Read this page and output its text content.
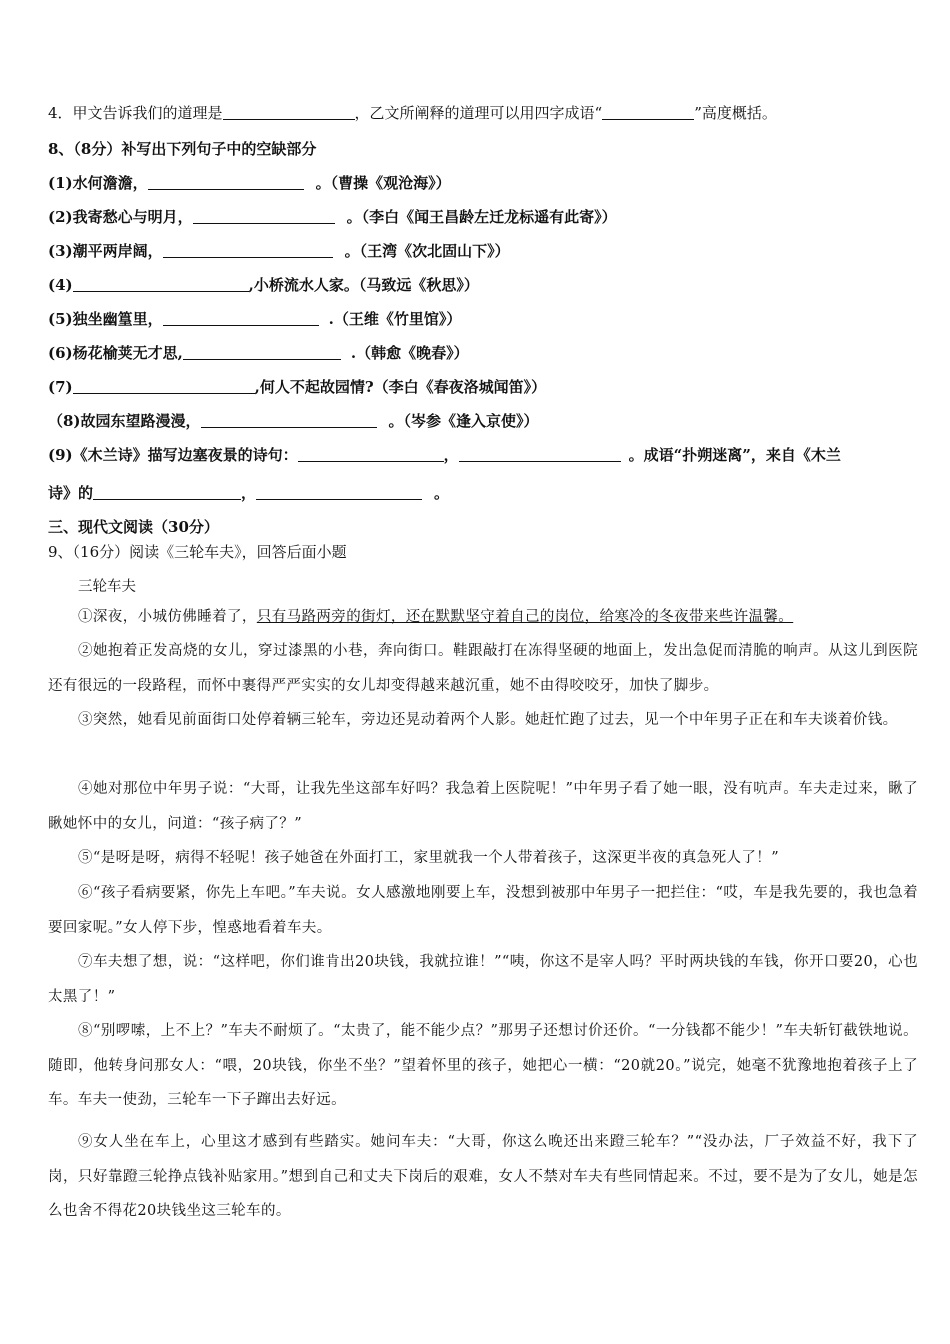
4．甲文告诉我们的道理是	，乙文所阐释的道理可以用四字成语“	”高度概括。
8、（8分）补写出下列句子中的空缺部分
(1)水何澹澹，	。（曹操《观沧海》）
(2)我寄愁心与明月，	。（李白《闻王昌龄左迁龙标遥有此寄》）
(3)潮平两岸阔，	。（王湾《次北固山下》）
(4)	,小桥流水人家。（马致远《秋思》）
(5)独坐幽篁里，	.（王维《竹里馆》）
(6)杨花榆荚无才思,	.（韩愈《晚春》）
(7)	,何人不起故园情?（李白《春夜洛城闻笛》）
（8)故园东望路漫漫，	。（岑参《逢入京使》）
(9)《木兰诗》描写边塞夜景的诗句：	，	。成语“扑朔迷离”，来自《木兰
诗》的	，	。
三、现代文阅读（30分）
9、（16分）阅读《三轮车夫》，回答后面小题
三轮车夫
①深夜，小城仿佛睡着了，只有马路两旁的街灯，还在默默坚守着自己的岗位，给寒冷的冬夜带来些许温馨。
②她抱着正发高烧的女儿，穿过漆黑的小巷，奔向街口。鞋跟敲打在冻得坚硬的地面上，发出急促而清脆的响声。从这儿到医院还有很远的一段路程，而怀中裹得严严实实的女儿却变得越来越沉重，她不由得咬咬牙，加快了脚步。
③突然，她看见前面街口处停着辆三轮车，旁边还晃动着两个人影。她赶忙跑了过去，见一个中年男子正在和车夫谈着价钱。
④她对那位中年男子说：“大哥，让我先坐这部车好吗？我急着上医院呢！”中年男子看了她一眼，没有吭声。车夫走过来，瞅了瞅她怀中的女儿，问道：“孩子病了？”
⑤“是呀是呀，病得不轻呢！孩子她爸在外面打工，家里就我一个人带着孩子，这深更半夜的真急死人了！”
⑥“孩子看病要紧，你先上车吧。”车夫说。女人感激地刚要上车，没想到被那中年男子一把拦住：“哎，车是我先要的，我也急着要回家呢。”女人停下步，惶惑地看着车夫。
⑦车夫想了想，说：“这样吧，你们谁肯出20块钱，我就拉谁！”“咦，你这不是宰人吗？平时两块钱的车钱，你开口要20，心也太黑了！”
⑧“别啰嗦，上不上？”车夫不耐烦了。“太贵了，能不能少点？”那男子还想讨价还价。“一分钱都不能少！”车夫斩钉截铁地说。随即，他转身问那女人：“喂，20块钱，你坐不坐？”望着怀里的孩子，她把心一横：“20就20。”说完，她毫不犹豫地抱着孩子上了车。车夫一使劲，三轮车一下子蹿出去好远。
⑨女人坐在车上，心里这才感到有些踏实。她问车夫：“大哥，你这么晚还出来蹬三轮车？”“没办法，厂子效益不好，我下了岗，只好靠蹬三轮挣点钱补贴家用。”想到自己和丈夫下岗后的艰难，女人不禁对车夫有些同情起来。不过，要不是为了女儿，她是怎么也舍不得花20块钱坐这三轮车的。
